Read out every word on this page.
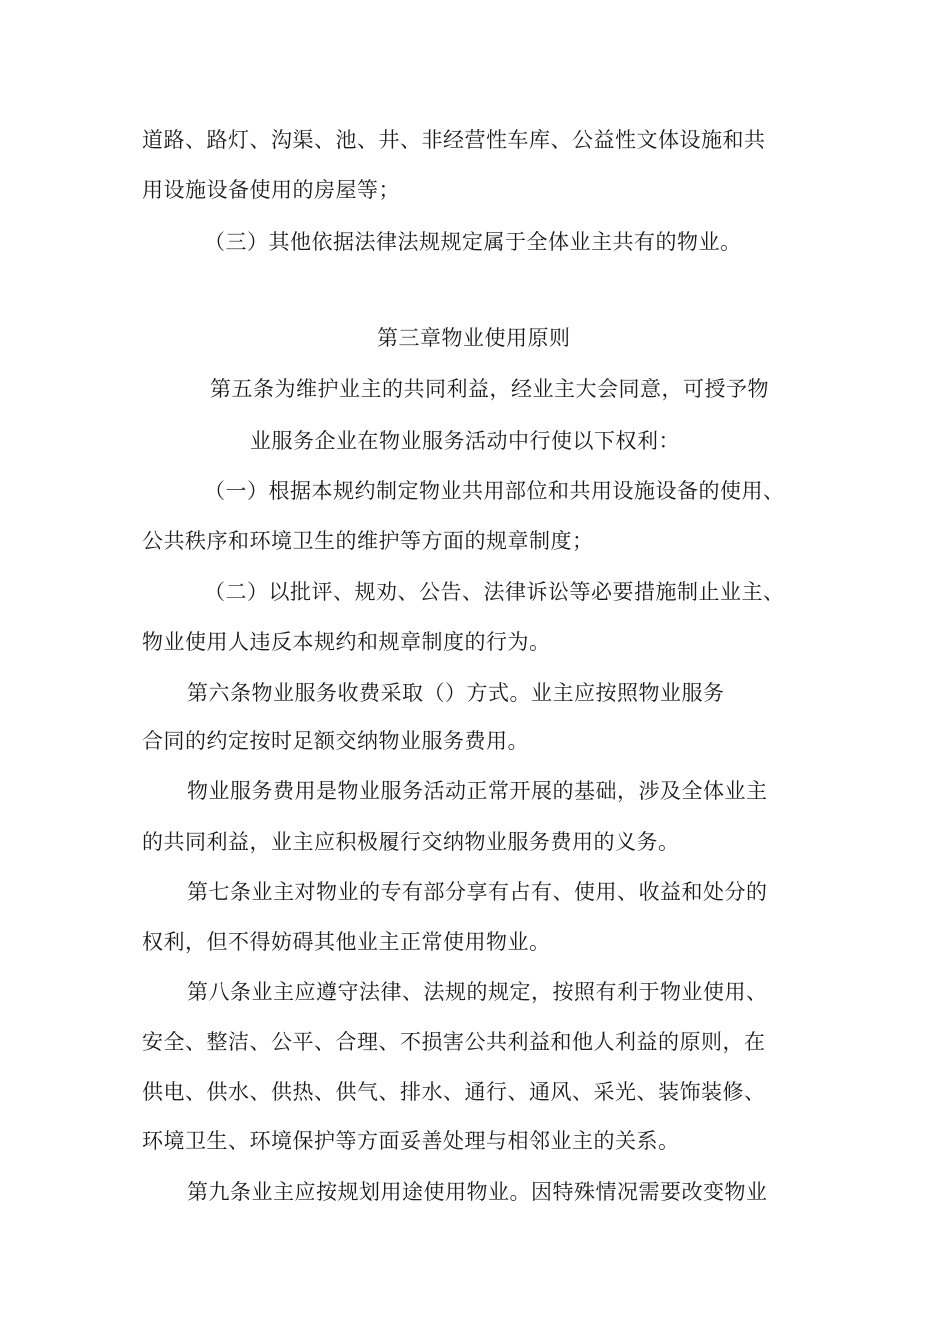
道路、路灯、沟渠、池、井、非经营性车库、公益性文体设施和共
用设施设备使用的房屋等；
（三）其他依据法律法规规定属于全体业主共有的物业。
第三章物业使用原则
第五条为维护业主的共同利益，经业主大会同意，可授予物
业服务企业在物业服务活动中行使以下权利：
（一）根据本规约制定物业共用部位和共用设施设备的使用、
公共秩序和环境卫生的维护等方面的规章制度；
（二）以批评、规劝、公告、法律诉讼等必要措施制止业主、
物业使用人违反本规约和规章制度的行为。
第六条物业服务收费采取（）方式。业主应按照物业服务
合同的约定按时足额交纳物业服务费用。
物业服务费用是物业服务活动正常开展的基础，涉及全体业主
的共同利益，业主应积极履行交纳物业服务费用的义务。
第七条业主对物业的专有部分享有占有、使用、收益和处分的
权利，但不得妨碍其他业主正常使用物业。
第八条业主应遵守法律、法规的规定，按照有利于物业使用、
安全、整洁、公平、合理、不损害公共利益和他人利益的原则，在
供电、供水、供热、供气、排水、通行、通风、采光、装饰装修、
环境卫生、环境保护等方面妥善处理与相邻业主的关系。
第九条业主应按规划用途使用物业。因特殊情况需要改变物业
